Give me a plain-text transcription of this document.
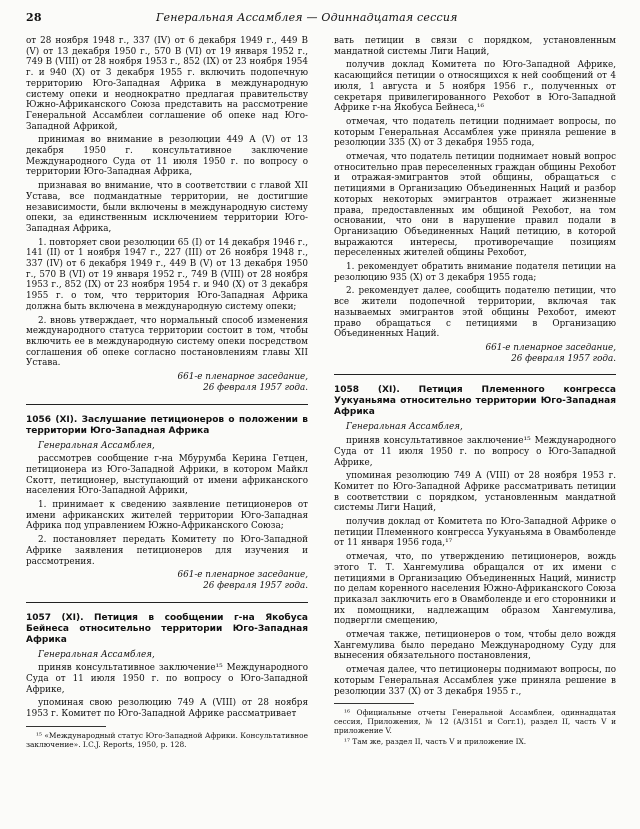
28	Генеральная Ассамблея — Одиннадцатая сессия

от 28 ноября 1948 г., 337 (IV) от 6 декабря 1949 г., 449 В (V) от 13 декабря 1950 г., 570 В (VI) от 19 января 1952 г., 749 В (VIII) от 28 ноября 1953 г., 852 (IX) от 23 ноября 1954 г. и 940 (X) от 3 декабря 1955 г. включить подопечную территорию Юго-Западная Африка в международную систему опеки и неоднократно предлагая правительству Южно-Африканского Союза представить на рассмотрение Генеральной Ассамблеи соглашение об опеке над Юго-Западной Африкой,

принимая во внимание в резолюции 449 А (V) от 13 декабря 1950 г. консультативное заключение Международного Суда от 11 июля 1950 г. по вопросу о территории Юго-Западная Африка,

признавая во внимание, что в соответствии с главой XII Устава, все подмандатные территории, не достигшие независимости, были включены в международную систему опеки, за единственным исключением территории Юго-Западная Африка,

1. повторяет свои резолюции 65 (I) от 14 декабря 1946 г., 141 (II) от 1 ноября 1947 г., 227 (III) от 26 ноября 1948 г., 337 (IV) от 6 декабря 1949 г., 449 В (V) от 13 декабря 1950 г., 570 В (VI) от 19 января 1952 г., 749 В (VIII) от 28 ноября 1953 г., 852 (IX) от 23 ноября 1954 г. и 940 (X) от 3 декабря 1955 г. о том, что территория Юго-Западная Африка должна быть включена в международную систему опеки;

2. вновь утверждает, что нормальный способ изменения международного статуса территории состоит в том, чтобы включить ее в международную систему опеки посредством соглашения об опеке согласно постановлениям главы XII Устава.

661-е пленарное заседание,

26 февраля 1957 года.

1056 (XI). Заслушание петиционеров о положении в территории Юго-Западная Африка
Генеральная Ассамблея,

рассмотрев сообщение г-на Мбурумба Керина Гетцен, петиционера из Юго-Западной Африки, в котором Майкл Скотт, петиционер, выступающий от имени африканского населения Юго-Западной Африки,

1. принимает к сведению заявление петиционеров от имени африканских жителей территории Юго-Западная Африка под управлением Южно-Африканского Союза;

2. постановляет передать Комитету по Юго-Западной Африке заявления петиционеров для изучения и рассмотрения.

661-е пленарное заседание,

26 февраля 1957 года.

1057 (XI). Петиция в сообщении г-на Якобуса Бейнеса относительно территории Юго-Западная Африка
Генеральная Ассамблея,

приняв консультативное заключение¹⁵ Международного Суда от 11 июля 1950 г. по вопросу о Юго-Западной Африке,

упоминая свою резолюцию 749 А (VIII) от 28 ноября 1953 г. Комитет по Юго-Западной Африке рассматривает

¹⁵ «Международный статус Юго-Западной Африки. Консультативное заключение». I.C.J. Reports, 1950, p. 128.

вать петиции в связи с порядком, установленным мандатной системы Лиги Наций,

получив доклад Комитета по Юго-Западной Африке, касающийся петиции о относящихся к ней сообщений от 4 июля, 1 августа и 5 ноября 1956 г., полученных от секретаря привилегированного Рехобот в Юго-Западной Африке г-на Якобуса Бейнеса,¹⁶

отмечая, что податель петиции поднимает вопросы, по которым Генеральная Ассамблея уже приняла решение в резолюции 335 (X) от 3 декабря 1955 года,

отмечая, что податель петиции поднимает новый вопрос относительно прав переселенных граждан общины Рехобот и отражая-эмигрантов этой общины, обращаться с петициями в Организацию Объединенных Наций и разбор которых некоторых эмигрантов отражает жизненные права, предоставленных им общиной Рехобот, на том основании, что они в нарушение правил подали в Организацию Объединенных Наций петицию, в которой выражаются интересы, противоречащие позициям переселенных жителей общины Рехобот,

1. рекомендует обратить внимание подателя петиции на резолюцию 935 (X) от 3 декабря 1955 года;

2. рекомендует далее, сообщить подателю петиции, что все жители подопечной территории, включая так называемых эмигрантов этой общины Рехобот, имеют право обращаться с петициями в Организацию Объединенных Наций.

661-е пленарное заседание,

26 февраля 1957 года.

1058 (XI). Петиция Племенного конгресса Уукуаньяма относительно территории Юго-Западная Африка
Генеральная Ассамблея,

приняв консультативное заключение¹⁵ Международного Суда от 11 июля 1950 г. по вопросу о Юго-Западной Африке,

упоминая резолюцию 749 А (VIII) от 28 ноября 1953 г. Комитет по Юго-Западной Африке рассматривать петиции в соответствии с порядком, установленным мандатной системы Лиги Наций,

получив доклад от Комитета по Юго-Западной Африке о петиции Племенного конгресса Уукуаньяма в Овамболенде от 11 января 1956 года,¹⁷

отмечая, что, по утверждению петиционеров, вождь этого Т. Т. Хангемулива обращался от их имени с петициями в Организацию Объединенных Наций, министр по делам коренного населения Южно-Африканского Союза приказал заключить его в Овамболенде и его сторонники и их помощники, надлежащим образом Хангемулива, подвергли смещению,

отмечая также, петиционеров о том, чтобы дело вождя Хангемулива было передано Международному Суду для вынесения обязательного постановления,

отмечая далее, что петиционеры поднимают вопросы, по которым Генеральная Ассамблея уже приняла решение в резолюции 337 (X) от 3 декабря 1955 г.,

¹⁶ Официальные отчеты Генеральной Ассамблеи, одиннадцатая сессия, Приложения, № 12 (А/3151 и Corr.1), раздел II, часть V и приложение V.

¹⁷ Там же, раздел II, часть V и приложение IX.
